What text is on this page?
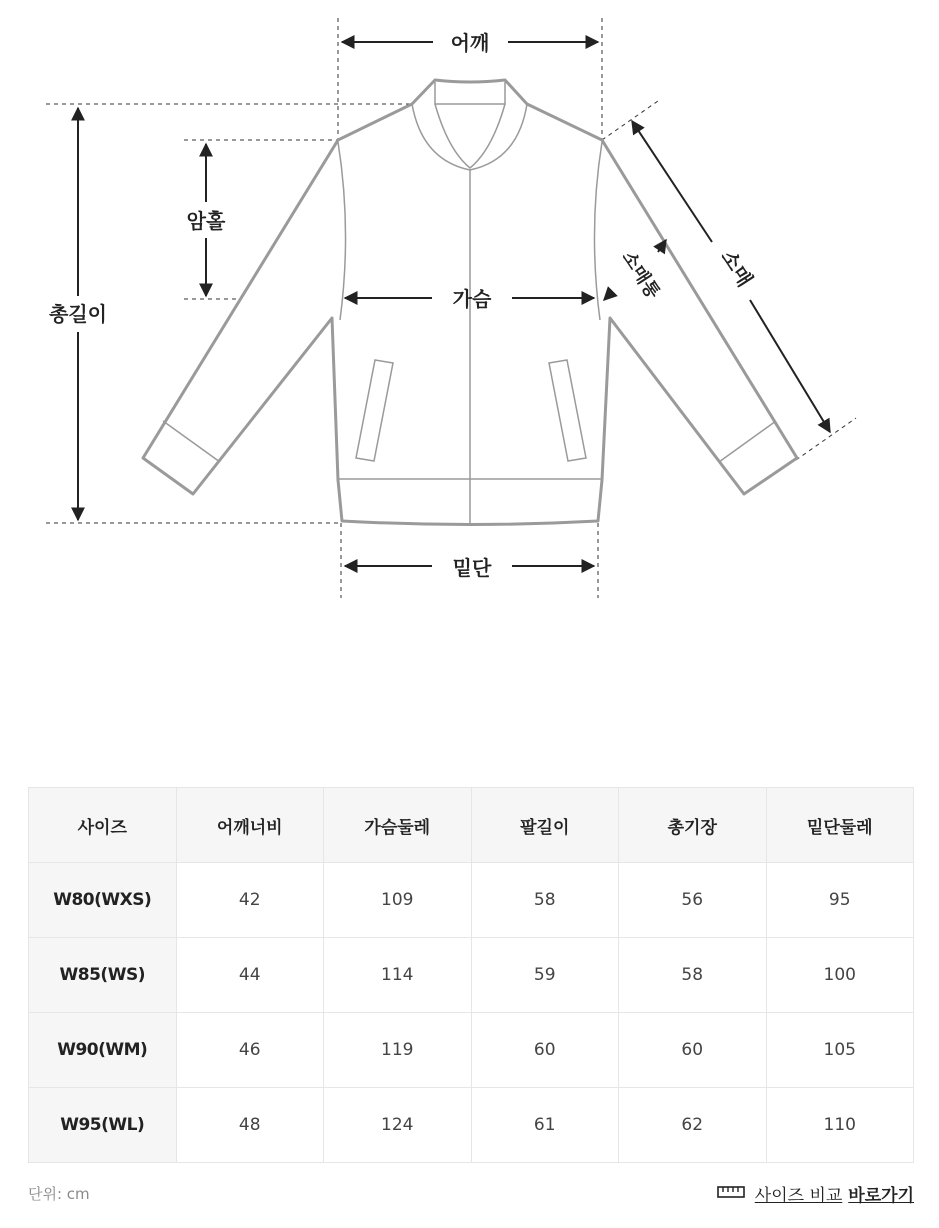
어깨
총길이
암홀
가슴
밑단
소매
소매통
사이즈	어깨너비	가슴둘레	팔길이	총기장	밑단둘레
W80(WXS)	42	109	58	56	95
W85(WS)	44	114	59	58	100
W90(WM)	46	119	60	60	105
W95(WL)	48	124	61	62	110
단위: cm	사이즈 비교 바로가기
